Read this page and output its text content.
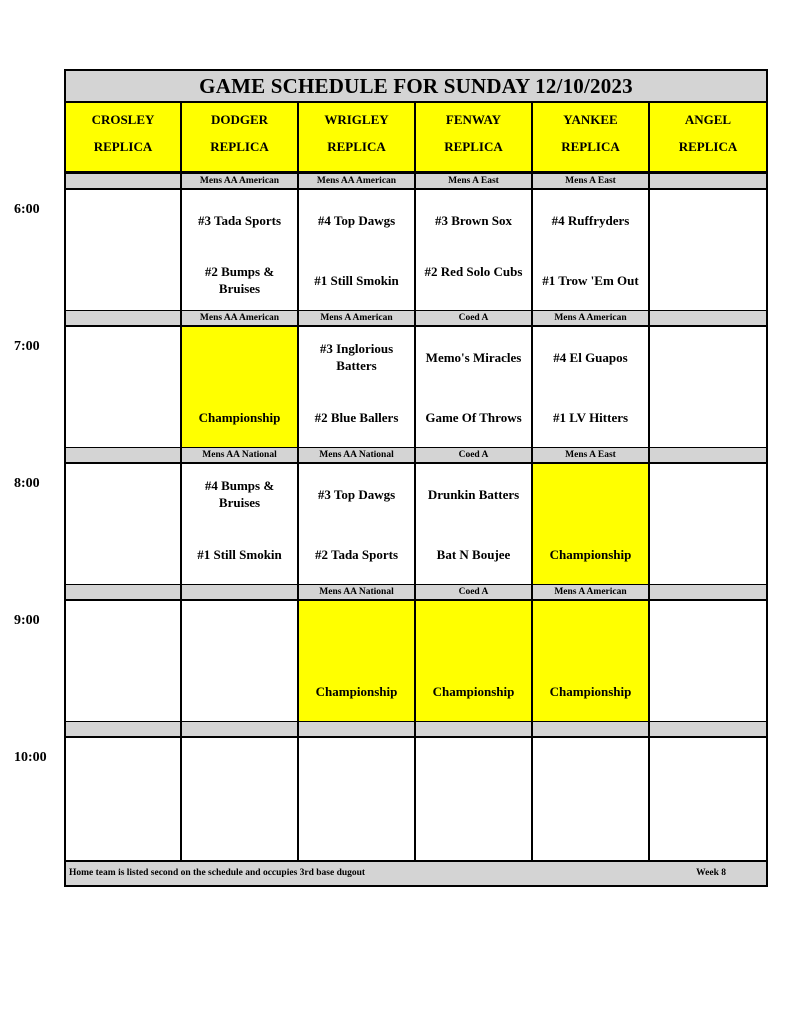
GAME SCHEDULE FOR SUNDAY 12/10/2023
CROSLEY
REPLICA
DODGER
REPLICA
WRIGLEY
REPLICA
FENWAY
REPLICA
YANKEE
REPLICA
ANGEL
REPLICA
Mens AA American
#3 Tada Sports
#2 Bumps & Bruises
Mens AA American
#4 Top Dawgs
#1 Still Smokin
Mens A East
#3 Brown Sox
#2 Red Solo Cubs
Mens A East
#4 Ruffryders
#1 Trow 'Em Out
Mens AA American
Championship
Mens A American
#3 Inglorious Batters
#2 Blue Ballers
Coed A
Memo's Miracles
Game Of Throws
Mens A American
#4 El Guapos
#1 LV Hitters
Mens AA National
#4 Bumps & Bruises
#1 Still Smokin
Mens AA National
#3 Top Dawgs
#2 Tada Sports
Coed A
Drunkin Batters
Bat N Boujee
Mens A East
Championship
Mens AA National
Championship
Coed A
Championship
Mens A American
Championship
Home team is listed second on the schedule and occupies 3rd base dugout	Week 8
6:00
7:00
8:00
9:00
10:00
